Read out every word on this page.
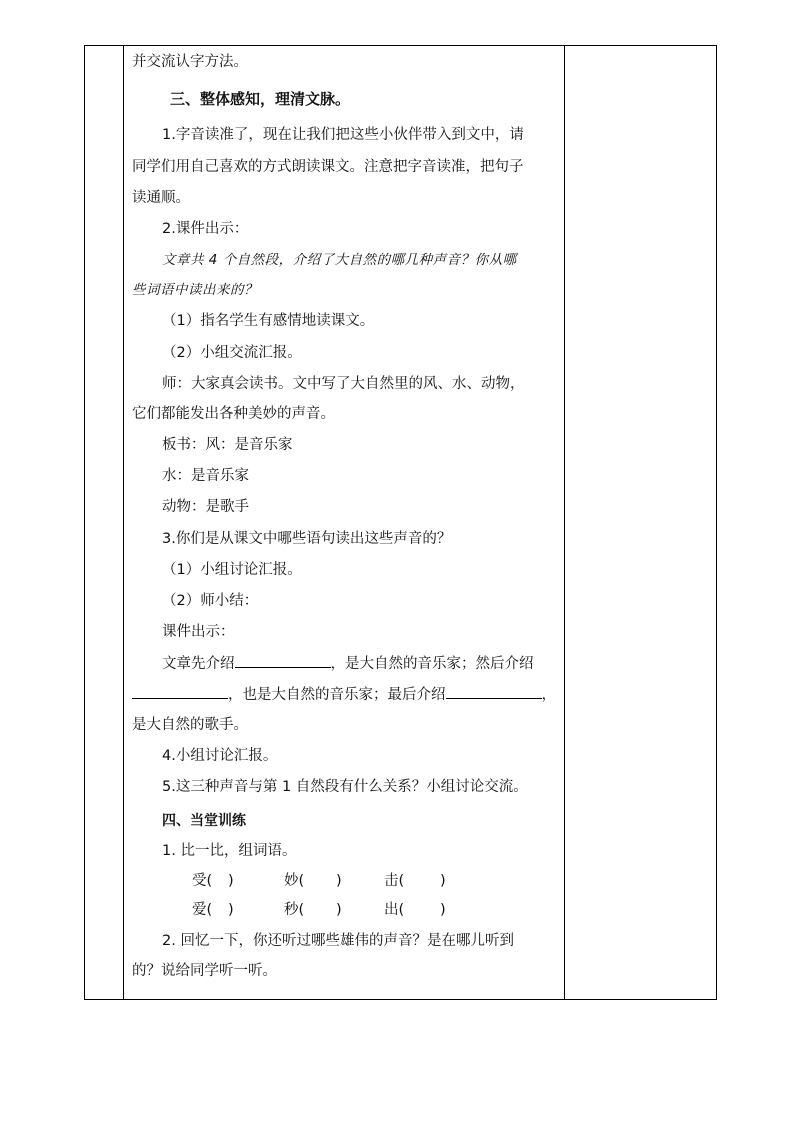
并交流认字方法。
三、整体感知，理清文脉。
1.字音读准了，现在让我们把这些小伙伴带入到文中，请
同学们用自己喜欢的方式朗读课文。注意把字音读准，把句子
读通顺。
2.课件出示：
文章共 4 个自然段，介绍了大自然的哪几种声音？你从哪
些词语中读出来的？
（1）指名学生有感情地读课文。
（2）小组交流汇报。
师：大家真会读书。文中写了大自然里的风、水、动物，
它们都能发出各种美妙的声音。
板书：风：是音乐家
水：是音乐家
动物：是歌手
3.你们是从课文中哪些语句读出这些声音的？
（1）小组讨论汇报。
（2）师小结：
课件出示：
文章先介绍	，是大自然的音乐家；然后介绍
，也是大自然的音乐家；最后介绍	，
是大自然的歌手。
4.小组讨论汇报。
5.这三种声音与第 1 自然段有什么关系？小组讨论交流。
四、当堂训练
1. 比一比，组词语。
受( )	妙( )	击( )
爱( )	秒( )	出( )
2. 回忆一下，你还听过哪些雄伟的声音？是在哪儿听到
的？说给同学听一听。
